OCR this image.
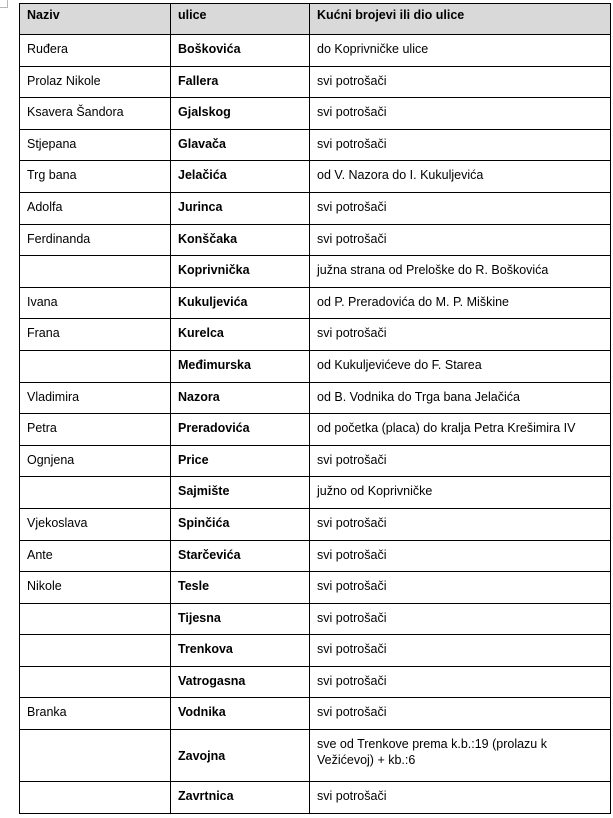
Naziv	ulice	Kućni brojevi ili dio ulice
Ruđera	Boškovića	do Koprivničke ulice
Prolaz Nikole	Fallera	svi potrošači
Ksavera Šandora	Gjalskog	svi potrošači
Stjepana	Glavača	svi potrošači
Trg bana	Jelačića	od V. Nazora do I. Kukuljevića
Adolfa	Jurinca	svi potrošači
Ferdinanda	Konščaka	svi potrošači
	Koprivnička	južna strana od Preloške do R. Boškovića
Ivana	Kukuljevića	od P. Preradovića do M. P. Miškine
Frana	Kurelca	svi potrošači
	Međimurska	od Kukuljevićeve do F. Starea
Vladimira	Nazora	od B. Vodnika do Trga bana Jelačića
Petra	Preradovića	od početka (placa) do kralja Petra Krešimira IV
Ognjena	Price	svi potrošači
	Sajmište	južno od Koprivničke
Vjekoslava	Spinčića	svi potrošači
Ante	Starčevića	svi potrošači
Nikole	Tesle	svi potrošači
	Tijesna	svi potrošači
	Trenkova	svi potrošači
	Vatrogasna	svi potrošači
Branka	Vodnika	svi potrošači
	Zavojna	sve od Trenkove prema k.b.:19 (prolazu k Vežićevoj) + kb.:6
	Zavrtnica	svi potrošači
